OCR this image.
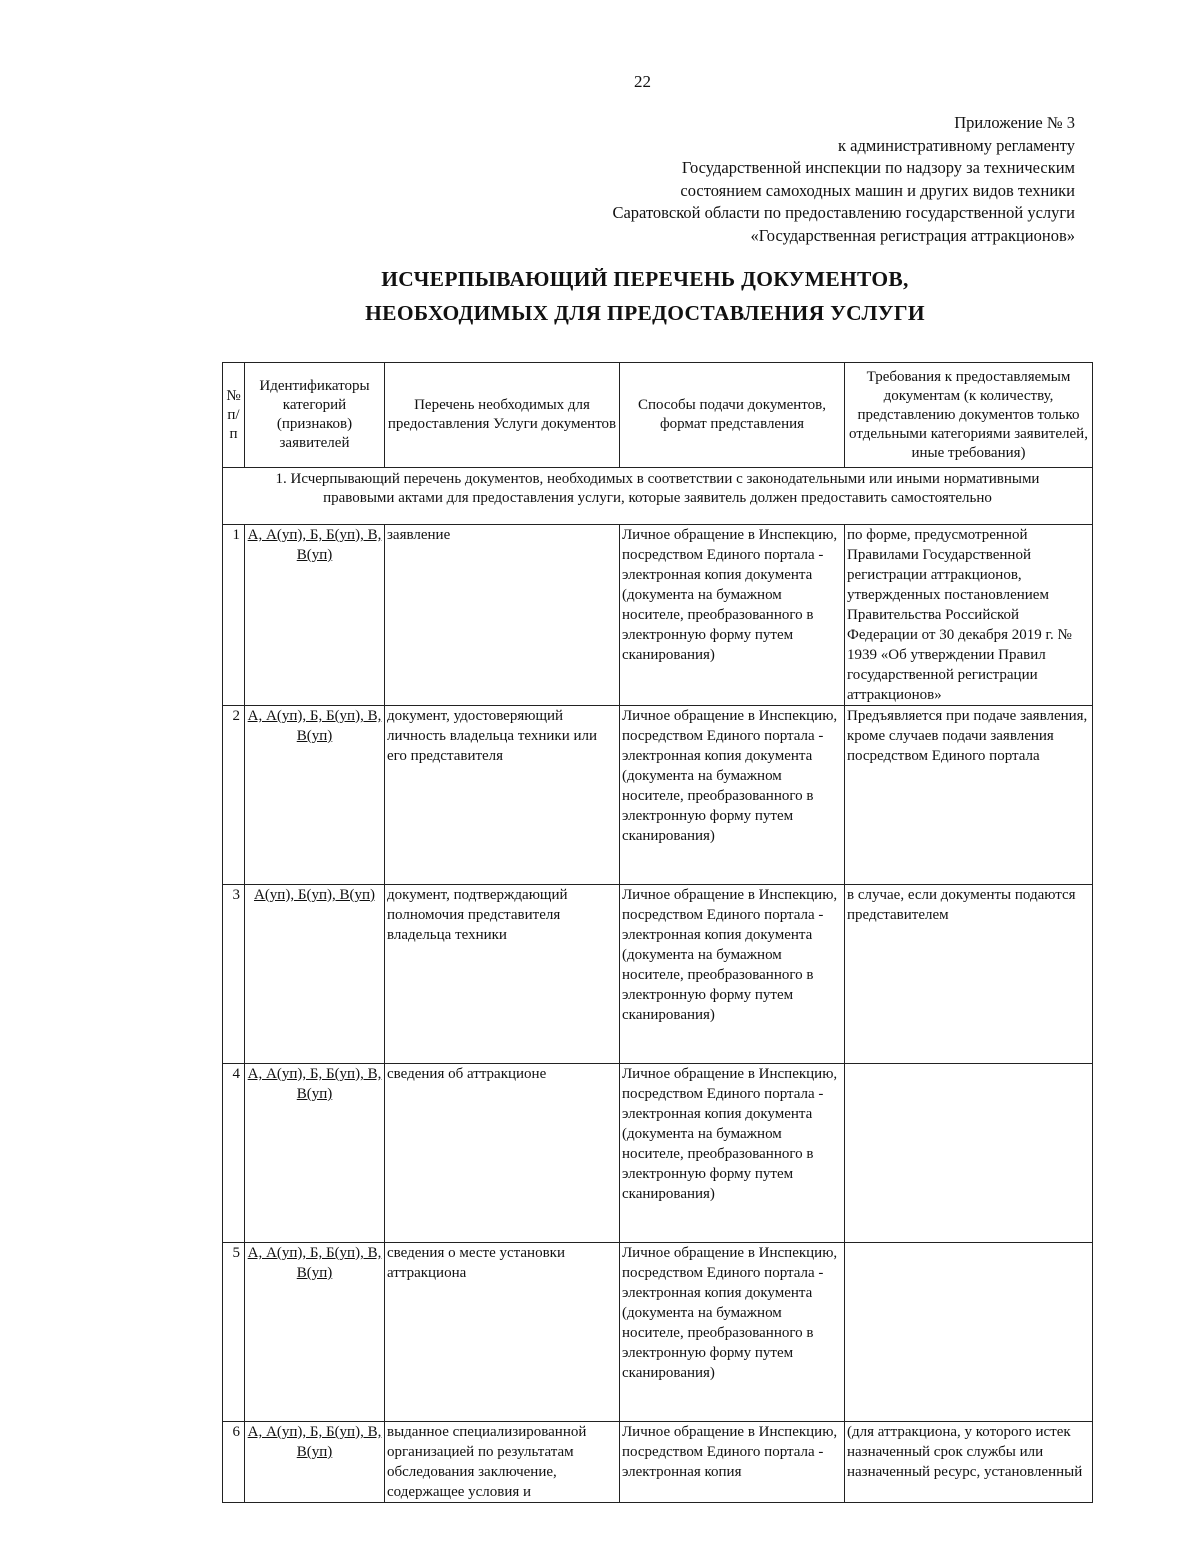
22
Приложение № 3
к административному регламенту
Государственной инспекции по надзору за техническим
состоянием самоходных машин и других видов техники
Саратовской области по предоставлению государственной услуги
«Государственная регистрация аттракционов»
ИСЧЕРПЫВАЮЩИЙ ПЕРЕЧЕНЬ ДОКУМЕНТОВ,
НЕОБХОДИМЫХ ДЛЯ ПРЕДОСТАВЛЕНИЯ УСЛУГИ
№ п/п	Идентификаторы категорий (признаков) заявителей	Перечень необходимых для предоставления Услуги документов	Способы подачи документов, формат представления	Требования к предоставляемым документам (к количеству, представлению документов только отдельными категориями заявителей, иные требования)
1. Исчерпывающий перечень документов, необходимых в соответствии с законодательными или иными нормативными правовыми актами для предоставления услуги, которые заявитель должен предоставить самостоятельно				
1	А, А(уп), Б, Б(уп), В, В(уп)	заявление	Личное обращение в Инспекцию, посредством Единого портала - электронная копия документа (документа на бумажном носителе, преобразованного в электронную форму путем сканирования)	по форме, предусмотренной Правилами Государственной регистрации аттракционов, утвержденных постановлением Правительства Российской Федерации от 30 декабря 2019 г. № 1939 «Об утверждении Правил государственной регистрации аттракционов»
2	А, А(уп), Б, Б(уп), В, В(уп)	документ, удостоверяющий личность владельца техники или его представителя	Личное обращение в Инспекцию, посредством Единого портала - электронная копия документа (документа на бумажном носителе, преобразованного в электронную форму путем сканирования)	Предъявляется при подаче заявления, кроме случаев подачи заявления посредством Единого портала
3	А(уп), Б(уп), В(уп)	документ, подтверждающий полномочия представителя владельца техники	Личное обращение в Инспекцию, посредством Единого портала - электронная копия документа (документа на бумажном носителе, преобразованного в электронную форму путем сканирования)	в случае, если документы подаются представителем
4	А, А(уп), Б, Б(уп), В, В(уп)	сведения об аттракционе	Личное обращение в Инспекцию, посредством Единого портала - электронная копия документа (документа на бумажном носителе, преобразованного в электронную форму путем сканирования)	
5	А, А(уп), Б, Б(уп), В, В(уп)	сведения о месте установки аттракциона	Личное обращение в Инспекцию, посредством Единого портала - электронная копия документа (документа на бумажном носителе, преобразованного в электронную форму путем сканирования)	
6	А, А(уп), Б, Б(уп), В, В(уп)	выданное специализированной организацией по результатам обследования заключение, содержащее условия и	Личное обращение в Инспекцию, посредством Единого портала - электронная копия	(для аттракциона, у которого истек назначенный срок службы или назначенный ресурс, установленный
